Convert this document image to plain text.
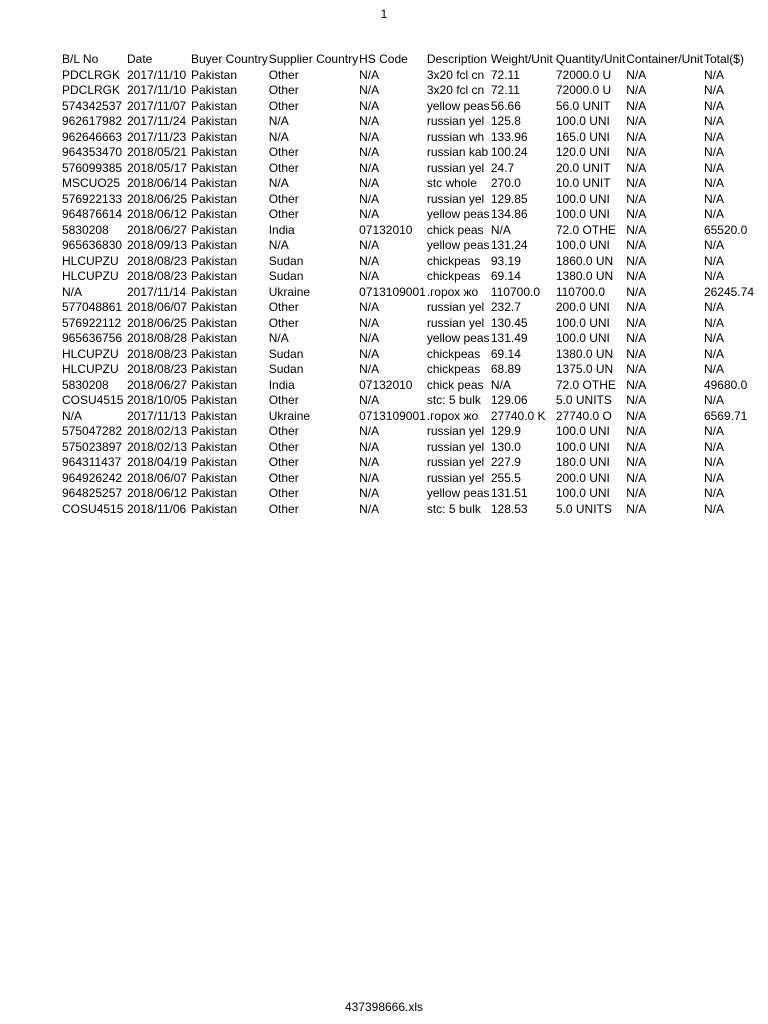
1
B/L No	Date	Buyer Country	Supplier Country	HS Code	Description	Weight/Unit	Quantity/Unit	Container/Unit	Total($)
PDCLRGK	2017/11/10	Pakistan	Other	N/A	3x20 fcl cn	72.11	72000.0 U	N/A	N/A
PDCLRGK	2017/11/10	Pakistan	Other	N/A	3x20 fcl cn	72.11	72000.0 U	N/A	N/A
574342537	2017/11/07	Pakistan	Other	N/A	yellow peas	56.66	56.0 UNIT	N/A	N/A
962617982	2017/11/24	Pakistan	N/A	N/A	russian yel	125.8	100.0 UNI	N/A	N/A
962646663	2017/11/23	Pakistan	N/A	N/A	russian wh	133.96	165.0 UNI	N/A	N/A
964353470	2018/05/21	Pakistan	Other	N/A	russian kab	100.24	120.0 UNI	N/A	N/A
576099385	2018/05/17	Pakistan	Other	N/A	russian yel	24.7	20.0 UNIT	N/A	N/A
MSCUO25	2018/06/14	Pakistan	N/A	N/A	stc whole	270.0	10.0 UNIT	N/A	N/A
576922133	2018/06/25	Pakistan	Other	N/A	russian yel	129.85	100.0 UNI	N/A	N/A
964876614	2018/06/12	Pakistan	Other	N/A	yellow peas	134.86	100.0 UNI	N/A	N/A
5830208	2018/06/27	Pakistan	India	07132010	chick peas	N/A	72.0 OTHE	N/A	65520.0
965636830	2018/09/13	Pakistan	N/A	N/A	yellow peas	131.24	100.0 UNI	N/A	N/A
HLCUPZU	2018/08/23	Pakistan	Sudan	N/A	chickpeas	93.19	1860.0 UN	N/A	N/A
HLCUPZU	2018/08/23	Pakistan	Sudan	N/A	chickpeas	69.14	1380.0 UN	N/A	N/A
N/A	2017/11/14	Pakistan	Ukraine	0713109001	.горох жо	110700.0	110700.0	N/A	26245.74
577048861	2018/06/07	Pakistan	Other	N/A	russian yel	232.7	200.0 UNI	N/A	N/A
576922112	2018/06/25	Pakistan	Other	N/A	russian yel	130.45	100.0 UNI	N/A	N/A
965636756	2018/08/28	Pakistan	N/A	N/A	yellow peas	131.49	100.0 UNI	N/A	N/A
HLCUPZU	2018/08/23	Pakistan	Sudan	N/A	chickpeas	69.14	1380.0 UN	N/A	N/A
HLCUPZU	2018/08/23	Pakistan	Sudan	N/A	chickpeas	68.89	1375.0 UN	N/A	N/A
5830208	2018/06/27	Pakistan	India	07132010	chick peas	N/A	72.0 OTHE	N/A	49680.0
COSU4515	2018/10/05	Pakistan	Other	N/A	stc: 5 bulk	129.06	5.0 UNITS	N/A	N/A
N/A	2017/11/13	Pakistan	Ukraine	0713109001	.горох жо	27740.0 K	27740.0 O	N/A	6569.71
575047282	2018/02/13	Pakistan	Other	N/A	russian yel	129.9	100.0 UNI	N/A	N/A
575023897	2018/02/13	Pakistan	Other	N/A	russian yel	130.0	100.0 UNI	N/A	N/A
964311437	2018/04/19	Pakistan	Other	N/A	russian yel	227.9	180.0 UNI	N/A	N/A
964926242	2018/06/07	Pakistan	Other	N/A	russian yel	255.5	200.0 UNI	N/A	N/A
964825257	2018/06/12	Pakistan	Other	N/A	yellow peas	131.51	100.0 UNI	N/A	N/A
COSU4515	2018/11/06	Pakistan	Other	N/A	stc: 5 bulk	128.53	5.0 UNITS	N/A	N/A
437398666.xls
